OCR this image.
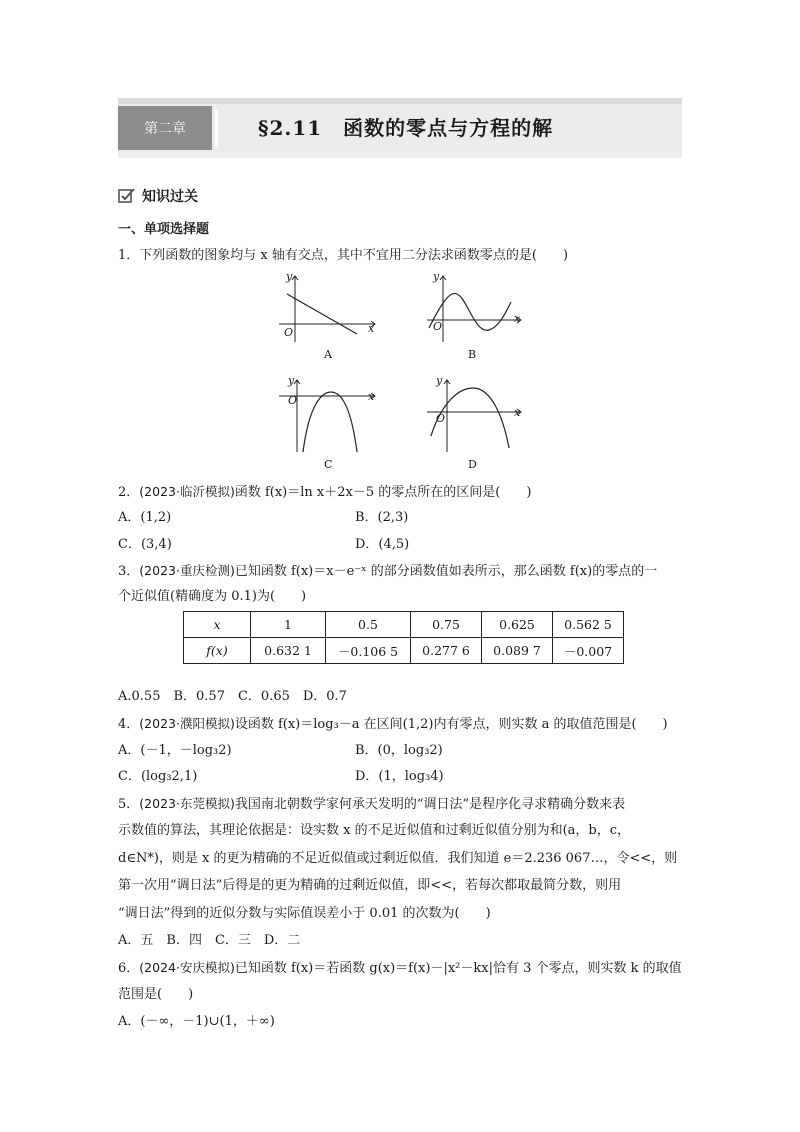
第二章	§2.11　函数的零点与方程的解
知识过关
一、单项选择题
1．下列函数的图象均与 x 轴有交点，其中不宜用二分法求函数零点的是(　　)
y
x
O
A
y
x
O
B
y
x
O
C
y
x
O
D
2．(2023·临沂模拟)函数 f(x)＝ln x＋2x－5 的零点所在的区间是(　　)
A．(1,2)	B．(2,3)
C．(3,4)	D．(4,5)
3．(2023·重庆检测)已知函数 f(x)＝x－e⁻ˣ 的部分函数值如表所示，那么函数 f(x)的零点的一
个近似值(精确度为 0.1)为(　　)
x	1	0.5	0.75	0.625	0.562 5
f(x)	0.632 1	－0.106 5	0.277 6	0.089 7	－0.007
A.0.55　B．0.57　C．0.65　D．0.7
4．(2023·濮阳模拟)设函数 f(x)＝log₃－a 在区间(1,2)内有零点，则实数 a 的取值范围是(　　)
A．(－1，－log₃2)	B．(0，log₃2)
C．(log₃2,1)	D．(1，log₃4)
5．(2023·东莞模拟)我国南北朝数学家何承天发明的“调日法”是程序化寻求精确分数来表
示数值的算法，其理论依据是：设实数 x 的不足近似值和过剩近似值分别为和(a，b，c，
d∈N*)，则是 x 的更为精确的不足近似值或过剩近似值．我们知道 e＝2.236 067…，令<<，则
第一次用“调日法”后得是的更为精确的过剩近似值，即<<，若每次都取最简分数，则用
“调日法”得到的近似分数与实际值误差小于 0.01 的次数为(　　)
A．五　B．四　C．三　D．二
6．(2024·安庆模拟)已知函数 f(x)＝若函数 g(x)＝f(x)－|x²－kx|恰有 3 个零点，则实数 k 的取值
范围是(　　)
A．(－∞，－1)∪(1，＋∞)
